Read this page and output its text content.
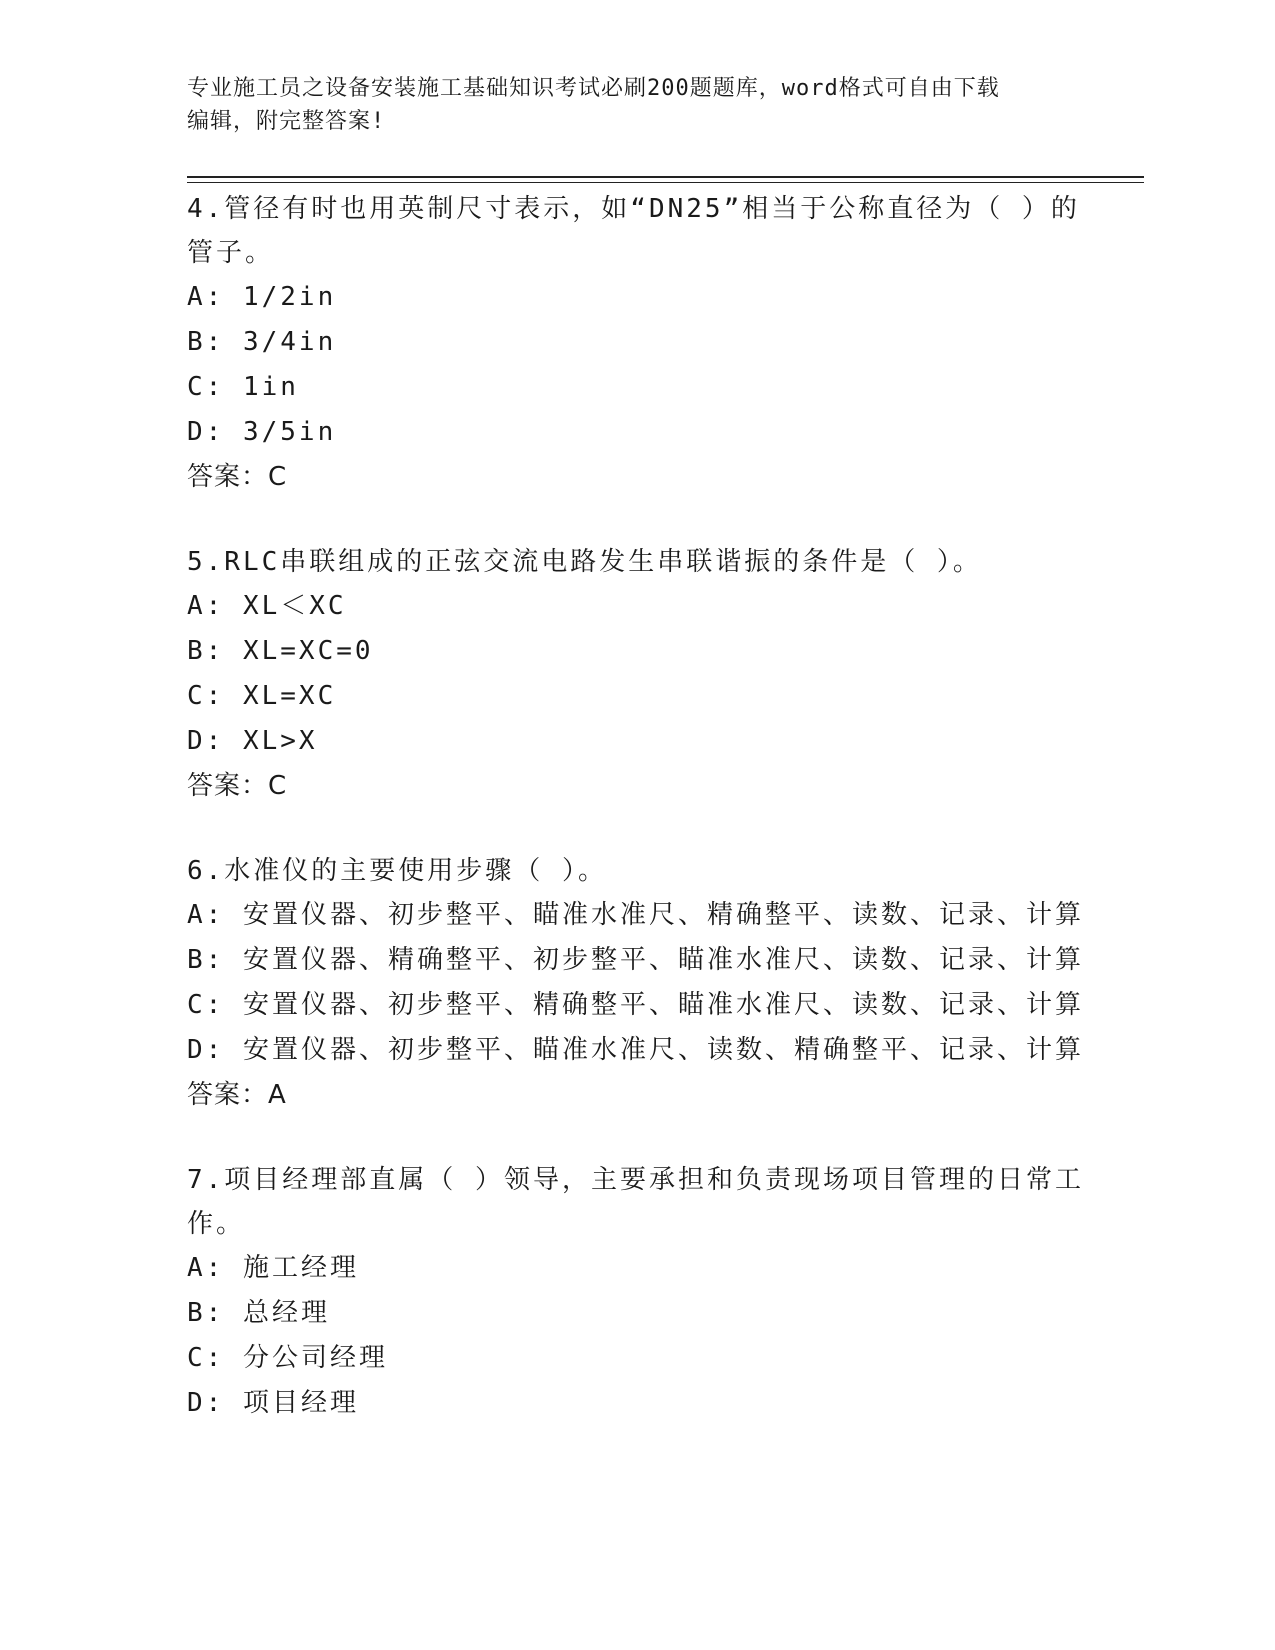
专业施工员之设备安装施工基础知识考试必刷200题题库，word格式可自由下载
编辑，附完整答案!
4.管径有时也用英制尺寸表示，如“DN25”相当于公称直径为（ ）的
管子。
A: 1/2in
B: 3/4in
C: 1in
D: 3/5in
答案：C
5.RLC串联组成的正弦交流电路发生串联谐振的条件是（ ）。
A: XL＜XC
B: XL=XC=0
C: XL=XC
D: XL>X
答案：C
6.水准仪的主要使用步骤（ ）。
A: 安置仪器、初步整平、瞄准水准尺、精确整平、读数、记录、计算
B: 安置仪器、精确整平、初步整平、瞄准水准尺、读数、记录、计算
C: 安置仪器、初步整平、精确整平、瞄准水准尺、读数、记录、计算
D: 安置仪器、初步整平、瞄准水准尺、读数、精确整平、记录、计算
答案：A
7.项目经理部直属（ ）领导，主要承担和负责现场项目管理的日常工
作。
A: 施工经理
B: 总经理
C: 分公司经理
D: 项目经理
